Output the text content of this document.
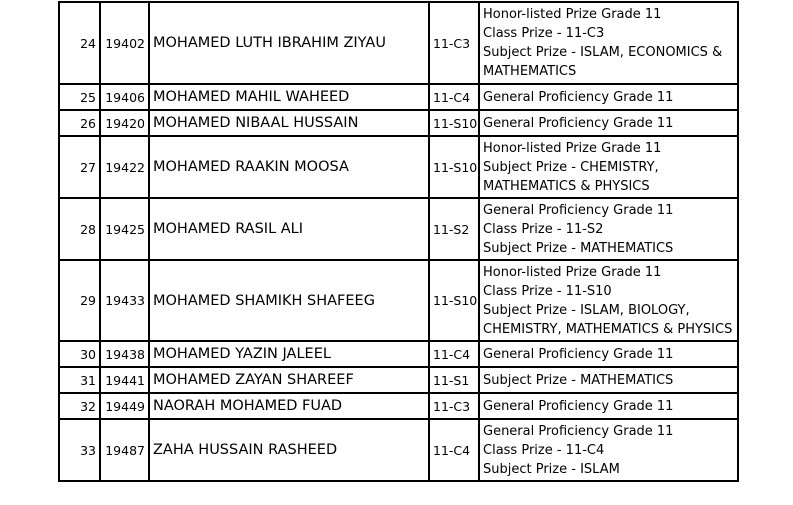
24	19402	MOHAMED LUTH IBRAHIM ZIYAU	11-C3	Honor-listed Prize Grade 11
Class Prize - 11-C3
Subject Prize - ISLAM, ECONOMICS & MATHEMATICS

25	19406	MOHAMED MAHIL WAHEED	11-C4	General Proficiency Grade 11

26	19420	MOHAMED NIBAAL HUSSAIN	11-S10	General Proficiency Grade 11

27	19422	MOHAMED RAAKIN MOOSA	11-S10	Honor-listed Prize Grade 11
Subject Prize - CHEMISTRY, MATHEMATICS & PHYSICS

28	19425	MOHAMED RASIL ALI	11-S2	General Proficiency Grade 11
Class Prize - 11-S2
Subject Prize - MATHEMATICS

29	19433	MOHAMED SHAMIKH SHAFEEG	11-S10	Honor-listed Prize Grade 11
Class Prize - 11-S10
Subject Prize - ISLAM, BIOLOGY, CHEMISTRY, MATHEMATICS & PHYSICS

30	19438	MOHAMED YAZIN JALEEL	11-C4	General Proficiency Grade 11

31	19441	MOHAMED ZAYAN SHAREEF	11-S1	Subject Prize - MATHEMATICS

32	19449	NAORAH MOHAMED FUAD	11-C3	General Proficiency Grade 11

33	19487	ZAHA HUSSAIN RASHEED	11-C4	General Proficiency Grade 11
Class Prize - 11-C4
Subject Prize - ISLAM
